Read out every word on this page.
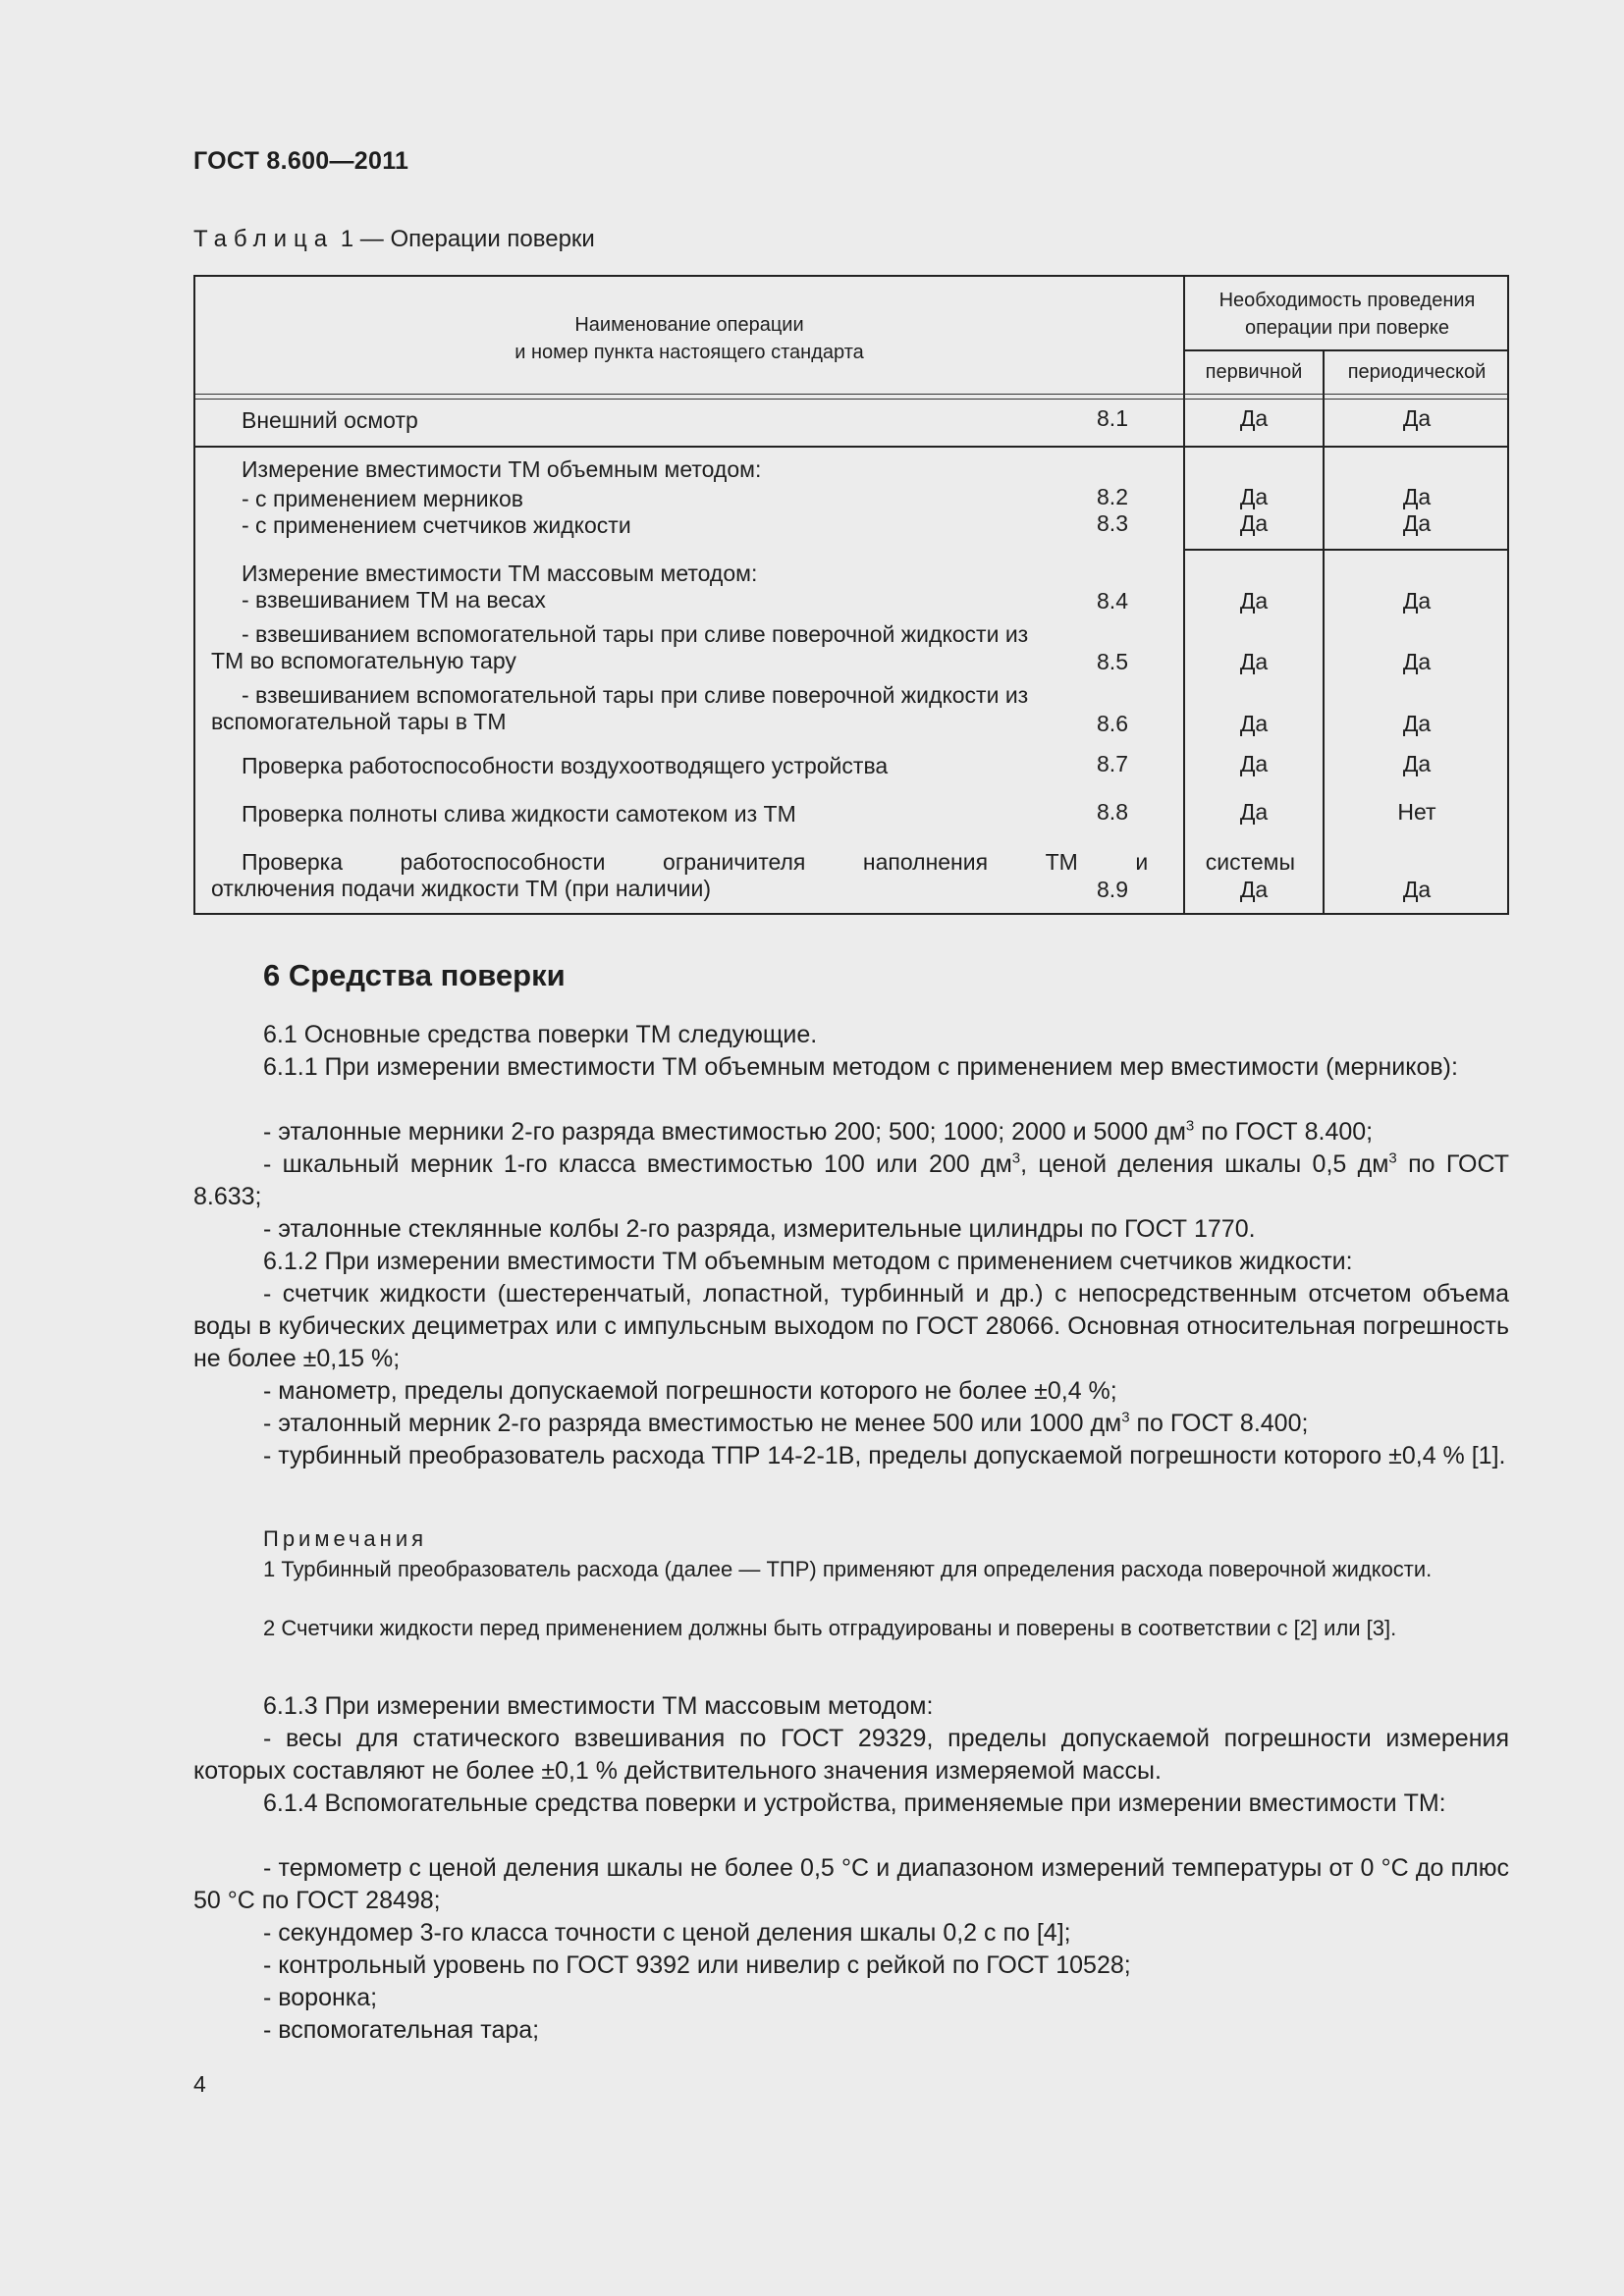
ГОСТ 8.600—2011
Таблица 1 — Операции поверки
Наименование операции
и номер пункта настоящего стандарта
Необходимость проведения
операции при поверке
первичной	периодической
Внешний осмотр	8.1	Да	Да
Измерение вместимости ТМ объемным методом:
- с применением мерников	8.2	Да	Да
- с применением счетчиков жидкости	8.3	Да	Да
Измерение вместимости ТМ массовым методом:
- взвешиванием ТМ на весах	8.4	Да	Да
- взвешиванием вспомогательной тары при сливе поверочной жидкости из
ТМ во вспомогательную тару	8.5	Да	Да
- взвешиванием вспомогательной тары при сливе поверочной жидкости из
вспомогательной тары в ТМ	8.6	Да	Да
Проверка работоспособности воздухоотводящего устройства	8.7	Да	Да
Проверка полноты слива жидкости самотеком из ТМ	8.8	Да	Нет
Проверка работоспособности ограничителя наполнения ТМ и системы
отключения подачи жидкости ТМ (при наличии)	8.9	Да	Да
6 Средства поверки
6.1 Основные средства поверки ТМ следующие.
6.1.1 При измерении вместимости ТМ объемным методом с применением мер вместимости (мерников):
- эталонные мерники 2-го разряда вместимостью 200; 500; 1000; 2000 и 5000 $дм^3$ по ГОСТ 8.400;
- шкальный мерник 1-го класса вместимостью 100 или 200 $дм^3$, ценой деления шкалы 0,5 $дм^3$ по ГОСТ 8.633;
- эталонные стеклянные колбы 2-го разряда, измерительные цилиндры по ГОСТ 1770.
6.1.2 При измерении вместимости ТМ объемным методом с применением счетчиков жидкости:
- счетчик жидкости (шестеренчатый, лопастной, турбинный и др.) с непосредственным отсчетом объема воды в кубических дециметрах или с импульсным выходом по ГОСТ 28066. Основная относительная погрешность не более ±0,15 %;
- манометр, пределы допускаемой погрешности которого не более ±0,4 %;
- эталонный мерник 2-го разряда вместимостью не менее 500 или 1000 $дм^3$ по ГОСТ 8.400;
- турбинный преобразователь расхода ТПР 14-2-1В, пределы допускаемой погрешности которого ±0,4 % [1].
Примечания
1 Турбинный преобразователь расхода (далее — ТПР) применяют для определения расхода поверочной жидкости.
2 Счетчики жидкости перед применением должны быть отградуированы и поверены в соответствии с [2] или [3].
6.1.3 При измерении вместимости ТМ массовым методом:
- весы для статического взвешивания по ГОСТ 29329, пределы допускаемой погрешности измерения которых составляют не более ±0,1 % действительного значения измеряемой массы.
6.1.4 Вспомогательные средства поверки и устройства, применяемые при измерении вместимости ТМ:
- термометр с ценой деления шкалы не более 0,5 °С и диапазоном измерений температуры от 0 °С до плюс 50 °С по ГОСТ 28498;
- секундомер 3-го класса точности с ценой деления шкалы 0,2 с по [4];
- контрольный уровень по ГОСТ 9392 или нивелир с рейкой по ГОСТ 10528;
- воронка;
- вспомогательная тара;
4
